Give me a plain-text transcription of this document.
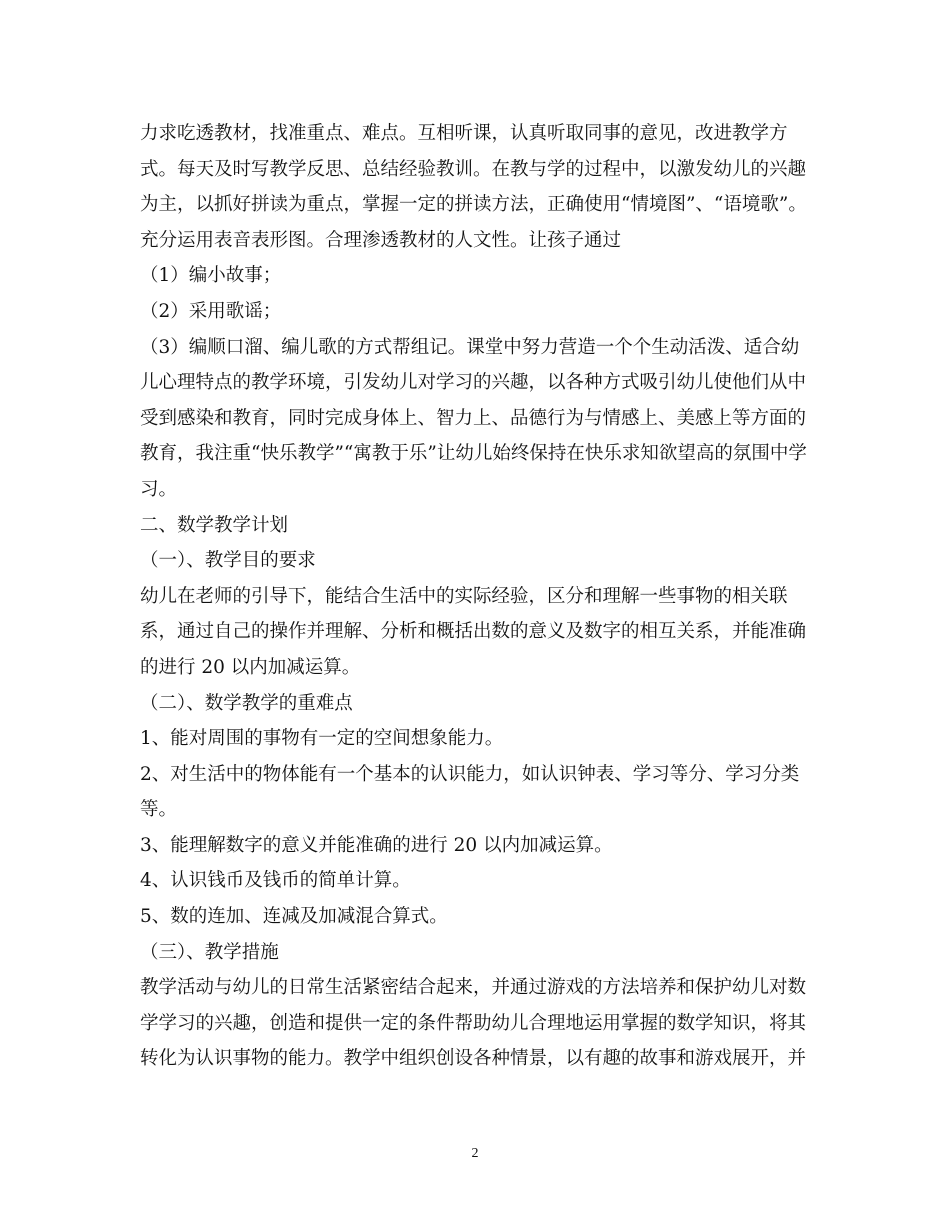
力求吃透教材，找准重点、难点。互相听课，认真听取同事的意见，改进教学方
式。每天及时写教学反思、总结经验教训。在教与学的过程中，以激发幼儿的兴趣
为主，以抓好拼读为重点，掌握一定的拼读方法，正确使用“情境图”、“语境歌”。
充分运用表音表形图。合理渗透教材的人文性。让孩子通过
（1）编小故事；
（2）采用歌谣；
（3）编顺口溜、编儿歌的方式帮组记。课堂中努力营造一个个生动活泼、适合幼
儿心理特点的教学环境，引发幼儿对学习的兴趣，以各种方式吸引幼儿使他们从中
受到感染和教育，同时完成身体上、智力上、品德行为与情感上、美感上等方面的
教育，我注重“快乐教学”“寓教于乐”让幼儿始终保持在快乐求知欲望高的氛围中学
习。
二、数学教学计划
（一）、教学目的要求
幼儿在老师的引导下，能结合生活中的实际经验，区分和理解一些事物的相关联
系，通过自己的操作并理解、分析和概括出数的意义及数字的相互关系，并能准确
的进行 20 以内加减运算。
（二）、数学教学的重难点
1、能对周围的事物有一定的空间想象能力。
2、对生活中的物体能有一个基本的认识能力，如认识钟表、学习等分、学习分类
等。
3、能理解数字的意义并能准确的进行 20 以内加减运算。
4、认识钱币及钱币的简单计算。
5、数的连加、连减及加减混合算式。
（三）、教学措施
教学活动与幼儿的日常生活紧密结合起来，并通过游戏的方法培养和保护幼儿对数
学学习的兴趣，创造和提供一定的条件帮助幼儿合理地运用掌握的数学知识，将其
转化为认识事物的能力。教学中组织创设各种情景，以有趣的故事和游戏展开，并
2
